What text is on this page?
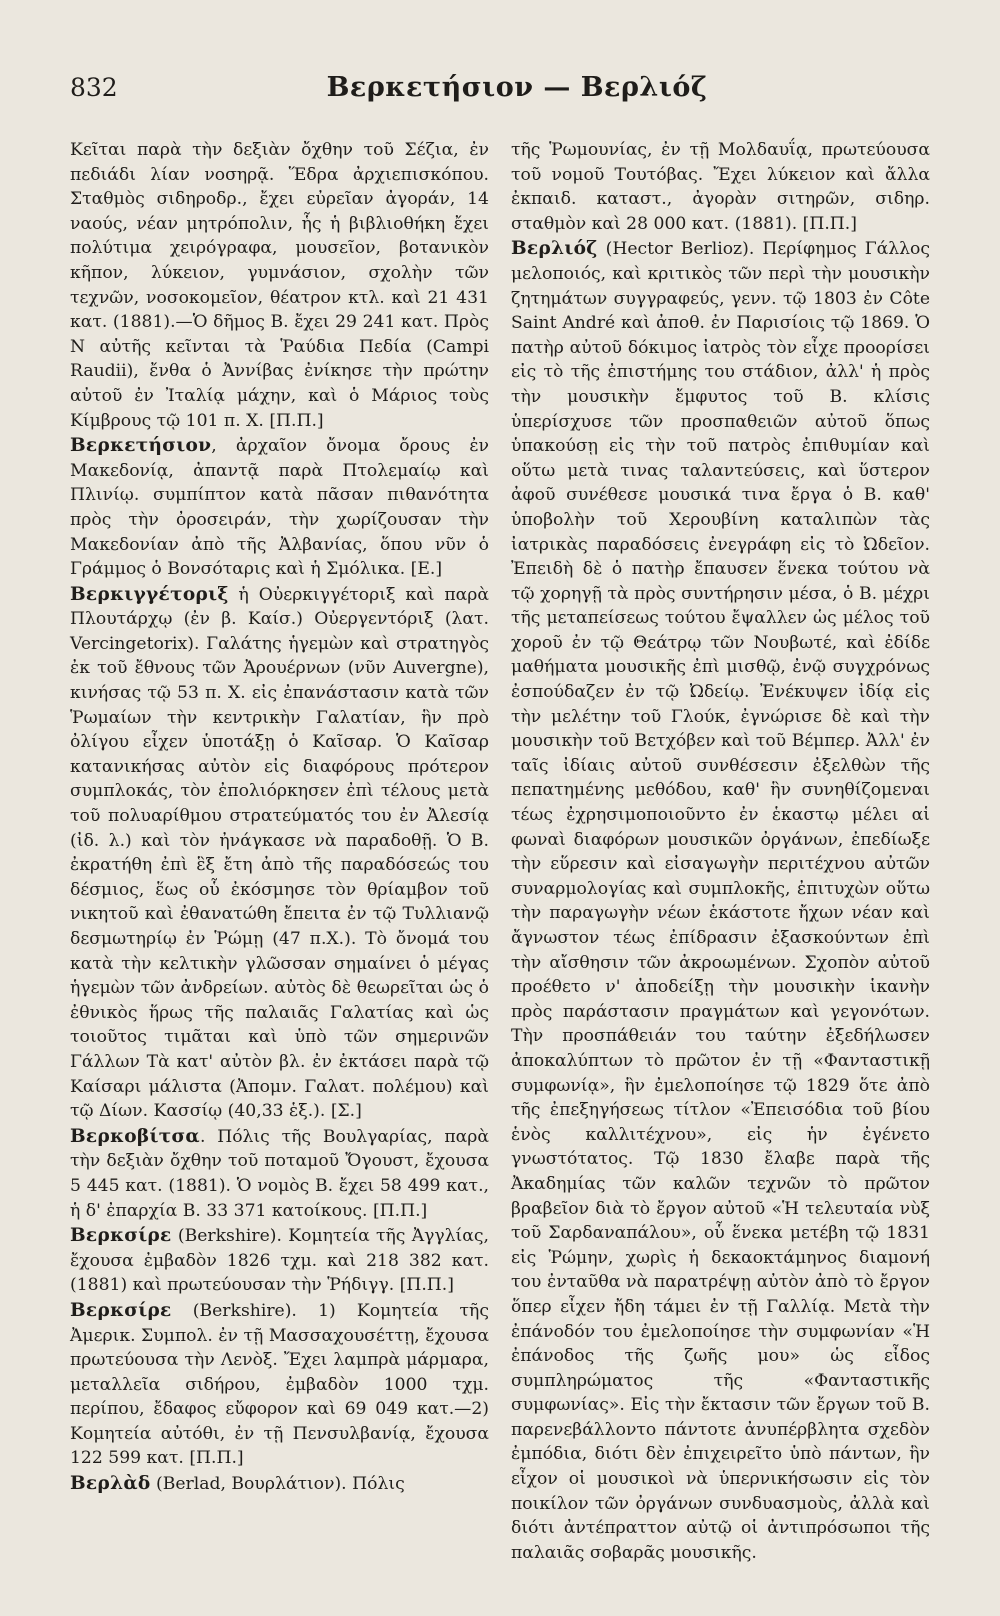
832	Βερκετήσιον — Βερλιόζ

Κεῖται παρὰ τὴν δεξιὰν ὄχθην τοῦ Σέζια, ἐν πεδιάδι λίαν νοσηρᾷ. Ἕδρα ἀρχιεπισκόπου. Σταθμὸς σιδηροδρ., ἔχει εὐρεῖαν ἀγοράν, 14 ναούς, νέαν μητρόπολιν, ἧς ἡ βιβλιοθήκη ἔχει πολύτιμα χειρόγραφα, μουσεῖον, βοτανικὸν κῆπον, λύκειον, γυμνάσιον, σχολὴν τῶν τεχνῶν, νοσοκομεῖον, θέατρον κτλ. καὶ 21 431 κατ. (1881).—Ὁ δῆμος Β. ἔχει 29 241 κατ. Πρὸς Ν αὐτῆς κεῖνται τὰ Ῥαύδια Πεδία (Campi Raudii), ἔνθα ὁ Ἀννίβας ἐνίκησε τὴν πρώτην αὐτοῦ ἐν Ἰταλίᾳ μάχην, καὶ ὁ Μάριος τοὺς Κίμβρους τῷ 101 π. Χ. [Π.Π.]

Βερκετήσιον, ἀρχαῖον ὄνομα ὄρους ἐν Μακεδονίᾳ, ἀπαντᾷ παρὰ Πτολεμαίῳ καὶ Πλινίῳ. συμπίπτον κατὰ πᾶσαν πιθανότητα πρὸς τὴν ὀροσειράν, τὴν χωρίζουσαν τὴν Μακεδονίαν ἀπὸ τῆς Ἀλβανίας, ὅπου νῦν ὁ Γράμμος ὁ Βονσόταρις καὶ ἡ Σμόλικα. [Ε.]

Βερκιγγέτοριξ ἡ Οὐερκιγγέτοριξ καὶ παρὰ Πλουτάρχῳ (ἐν β. Καίσ.) Οὐεργεντόριξ (λατ. Vercingetorix). Γαλάτης ἡγεμὼν καὶ στρατηγὸς ἐκ τοῦ ἔθνους τῶν Ἀρουέρνων (νῦν Auvergne), κινήσας τῷ 53 π. Χ. εἰς ἐπανάστασιν κατὰ τῶν Ῥωμαίων τὴν κεντρικὴν Γαλατίαν, ἣν πρὸ ὀλίγου εἶχεν ὑποτάξῃ ὁ Καῖσαρ. Ὁ Καῖσαρ κατανικήσας αὐτὸν εἰς διαφόρους πρότερον συμπλοκάς, τὸν ἐπολιόρκησεν ἐπὶ τέλους μετὰ τοῦ πολυαρίθμου στρατεύματός του ἐν Ἀλεσίᾳ (ἰδ. λ.) καὶ τὸν ἠνάγκασε νὰ παραδοθῇ. Ὁ Β. ἐκρατήθη ἐπὶ ἓξ ἔτη ἀπὸ τῆς παραδόσεώς του δέσμιος, ἕως οὗ ἐκόσμησε τὸν θρίαμβον τοῦ νικητοῦ καὶ ἐθανατώθη ἔπειτα ἐν τῷ Τυλλιανῷ δεσμωτηρίῳ ἐν Ῥώμῃ (47 π.Χ.). Τὸ ὄνομά του κατὰ τὴν κελτικὴν γλῶσσαν σημαίνει ὁ μέγας ἡγεμὼν τῶν ἀνδρείων. αὐτὸς δὲ θεωρεῖται ὡς ὁ ἐθνικὸς ἥρως τῆς παλαιᾶς Γαλατίας καὶ ὡς τοιοῦτος τιμᾶται καὶ ὑπὸ τῶν σημερινῶν Γάλλων Τὰ κατ' αὐτὸν βλ. ἐν ἐκτάσει παρὰ τῷ Καίσαρι μάλιστα (Ἀπομν. Γαλατ. πολέμου) καὶ τῷ Δίων. Κασσίῳ (40,33 ἑξ.). [Σ.]

Βερκοβίτσα. Πόλις τῆς Βουλγαρίας, παρὰ τὴν δεξιὰν ὄχθην τοῦ ποταμοῦ Ὄγουστ, ἔχουσα 5 445 κατ. (1881). Ὁ νομὸς Β. ἔχει 58 499 κατ., ἡ δ' ἐπαρχία Β. 33 371 κατοίκους. [Π.Π.]

Βερκσίρε (Berkshire). Κομητεία τῆς Ἀγγλίας, ἔχουσα ἐμβαδὸν 1826 τχμ. καὶ 218 382 κατ. (1881) καὶ πρωτεύουσαν τὴν Ῥήδιγγ. [Π.Π.]

Βερκσίρε (Berkshire). 1) Κομητεία τῆς Ἀμερικ. Συμπολ. ἐν τῇ Μασσαχουσέττῃ, ἔχουσα πρωτεύουσα τὴν Λενὸξ. Ἔχει λαμπρὰ μάρμαρα, μεταλλεῖα σιδήρου, ἐμβαδὸν 1000 τχμ. περίπου, ἔδαφος εὔφορον καὶ 69 049 κατ.—2) Κομητεία αὐτόθι, ἐν τῇ Πενσυλβανίᾳ, ἔχουσα 122 599 κατ. [Π.Π.]

Βερλὰδ (Berlad, Βουρλάτιον). Πόλις

τῆς Ῥωμουνίας, ἐν τῇ Μολδαυΐᾳ, πρωτεύουσα τοῦ νομοῦ Τουτόβας. Ἔχει λύκειον καὶ ἄλλα ἐκπαιδ. καταστ., ἀγορὰν σιτηρῶν, σιδηρ. σταθμὸν καὶ 28 000 κατ. (1881). [Π.Π.]

Βερλιόζ (Hector Berlioz). Περίφημος Γάλλος μελοποιός, καὶ κριτικὸς τῶν περὶ τὴν μουσικὴν ζητημάτων συγγραφεύς, γενν. τῷ 1803 ἐν Côte Saint André καὶ ἀποθ. ἐν Παρισίοις τῷ 1869. Ὁ πατὴρ αὐτοῦ δόκιμος ἰατρὸς τὸν εἶχε προορίσει εἰς τὸ τῆς ἐπιστήμης του στάδιον, ἀλλ' ἡ πρὸς τὴν μουσικὴν ἔμφυτος τοῦ Β. κλίσις ὑπερίσχυσε τῶν προσπαθειῶν αὐτοῦ ὅπως ὑπακούσῃ εἰς τὴν τοῦ πατρὸς ἐπιθυμίαν καὶ οὕτω μετὰ τινας ταλαντεύσεις, καὶ ὕστερον ἀφοῦ συνέθεσε μουσικά τινα ἔργα ὁ Β. καθ' ὑποβολὴν τοῦ Χερουβίνη καταλιπὼν τὰς ἰατρικὰς παραδόσεις ἐνεγράφη εἰς τὸ Ὠδεῖον. Ἐπειδὴ δὲ ὁ πατὴρ ἔπαυσεν ἕνεκα τούτου νὰ τῷ χορηγῇ τὰ πρὸς συντήρησιν μέσα, ὁ Β. μέχρι τῆς μεταπείσεως τούτου ἔψαλλεν ὡς μέλος τοῦ χοροῦ ἐν τῷ Θεάτρῳ τῶν Νουβωτέ, καὶ ἐδίδε μαθήματα μουσικῆς ἐπὶ μισθῷ, ἐνῷ συγχρόνως ἐσπούδαζεν ἐν τῷ Ὠδείῳ. Ἐνέκυψεν ἰδίᾳ εἰς τὴν μελέτην τοῦ Γλούκ, ἐγνώρισε δὲ καὶ τὴν μουσικὴν τοῦ Βετχόβεν καὶ τοῦ Βέμπερ. Ἀλλ' ἐν ταῖς ἰδίαις αὐτοῦ συνθέσεσιν ἐξελθὼν τῆς πεπατημένης μεθόδου, καθ' ἣν συνηθίζομεναι τέως ἐχρησιμοποιοῦντο ἐν ἑκαστῳ μέλει αἱ φωναὶ διαφόρων μουσικῶν ὀργάνων, ἐπεδίωξε τὴν εὕρεσιν καὶ εἰσαγωγὴν περιτέχνου αὐτῶν συναρμολογίας καὶ συμπλοκῆς, ἐπιτυχὼν οὕτω τὴν παραγωγὴν νέων ἑκάστοτε ἤχων νέαν καὶ ἄγνωστον τέως ἐπίδρασιν ἐξασκούντων ἐπὶ τὴν αἴσθησιν τῶν ἀκροωμένων. Σχοπὸν αὐτοῦ προέθετο ν' ἀποδείξῃ τὴν μουσικὴν ἱκανὴν πρὸς παράστασιν πραγμάτων καὶ γεγονότων. Τὴν προσπάθειάν του ταύτην ἐξεδήλωσεν ἀποκαλύπτων τὸ πρῶτον ἐν τῇ «Φανταστικῇ συμφωνίᾳ», ἣν ἐμελοποίησε τῷ 1829 ὅτε ἀπὸ τῆς ἐπεξηγήσεως τίτλον «Ἐπεισόδια τοῦ βίου ἑνὸς καλλιτέχνου», εἰς ἡν ἐγένετο γνωστότατος. Τῷ 1830 ἔλαβε παρὰ τῆς Ἀκαδημίας τῶν καλῶν τεχνῶν τὸ πρῶτον βραβεῖον διὰ τὸ ἔργον αὐτοῦ «Ἡ τελευταία νὺξ τοῦ Σαρδαναπάλου», οὗ ἕνεκα μετέβη τῷ 1831 εἰς Ῥώμην, χωρὶς ἡ δεκαοκτάμηνος διαμονή του ἐνταῦθα νὰ παρατρέψῃ αὐτὸν ἀπὸ τὸ ἔργον ὅπερ εἶχεν ἤδη τάμει ἐν τῇ Γαλλίᾳ. Μετὰ τὴν ἐπάνοδόν του ἐμελοποίησε τὴν συμφωνίαν «Ἡ ἐπάνοδος τῆς ζωῆς μου» ὡς εἶδος συμπληρώματος τῆς «Φανταστικῆς συμφωνίας». Εἰς τὴν ἔκτασιν τῶν ἔργων τοῦ Β. παρενεβάλλοντο πάντοτε ἀνυπέρβλητα σχεδὸν ἐμπόδια, διότι δὲν ἐπιχειρεῖτο ὑπὸ πάντων, ἣν εἶχον οἱ μουσικοὶ νὰ ὑπερνικήσωσιν εἰς τὸν ποικίλον τῶν ὀργάνων συνδυασμοὺς, ἀλλὰ καὶ διότι ἀντέπραττον αὐτῷ οἱ ἀντιπρόσωποι τῆς παλαιᾶς σοβαρᾶς μουσικῆς.
